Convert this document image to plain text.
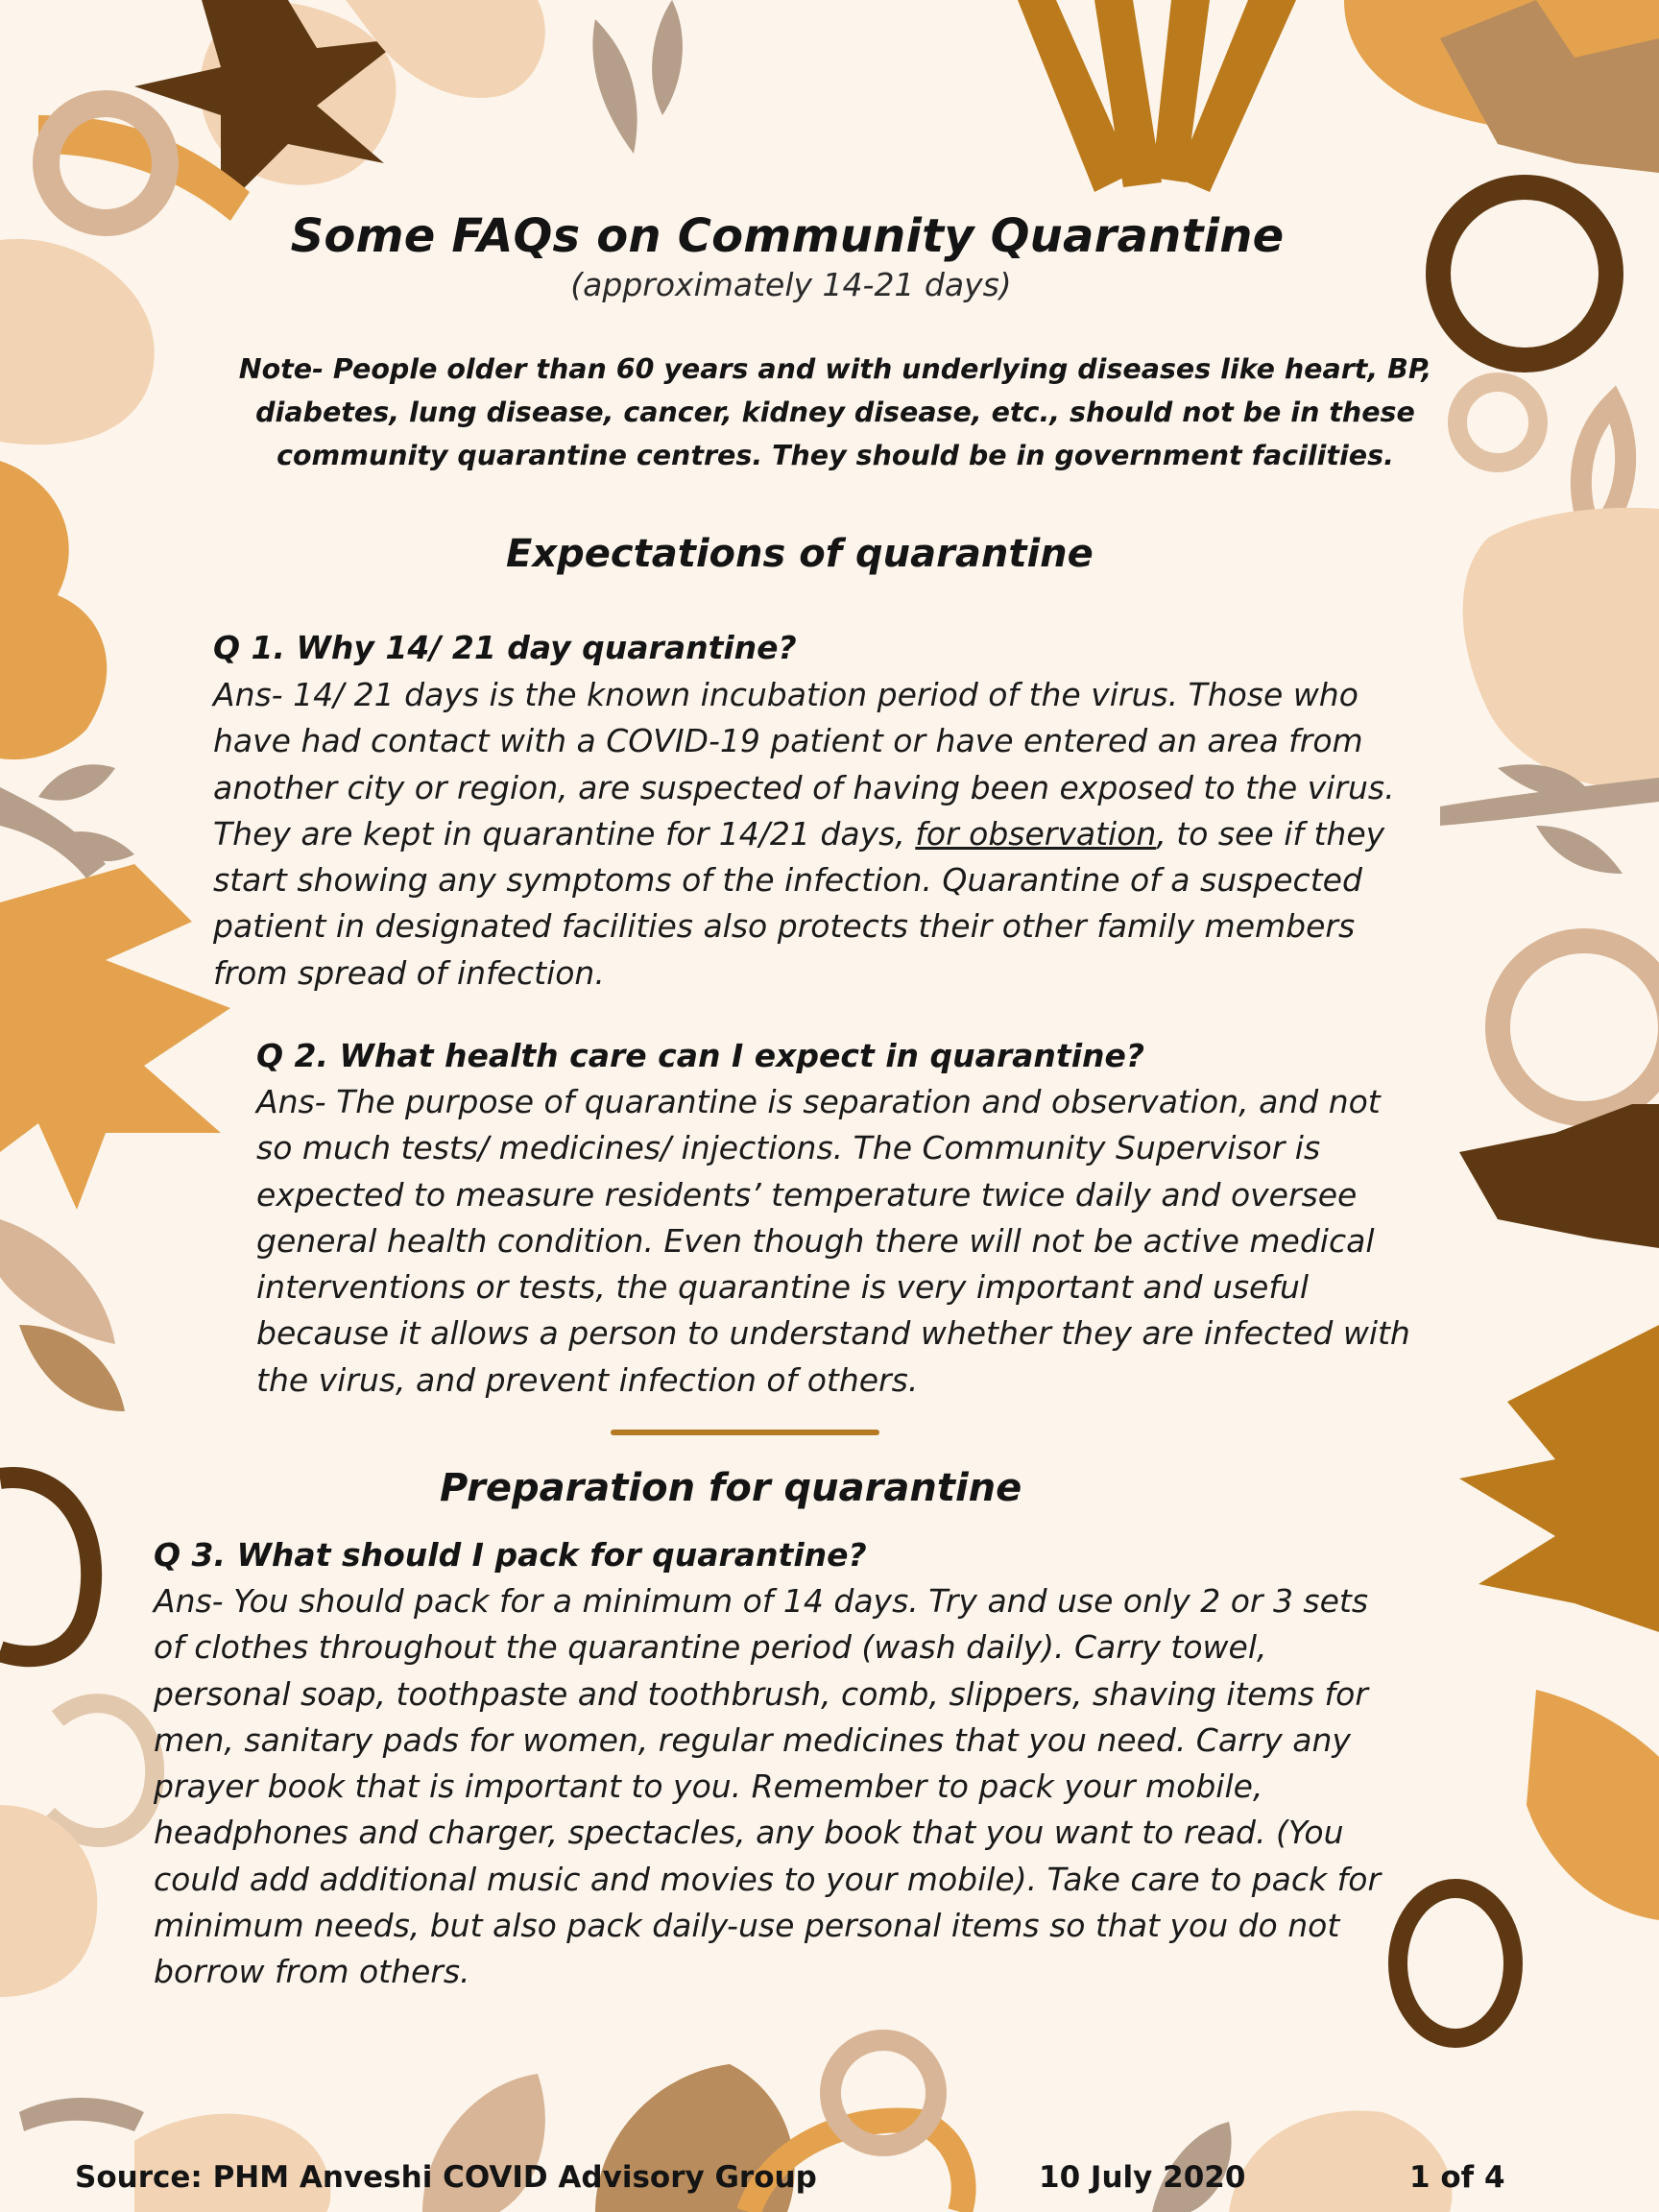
Some FAQs on Community Quarantine

(approximately 14-21 days)

Note- People older than 60 years and with underlying diseases like heart, BP, diabetes, lung disease, cancer, kidney disease, etc., should not be in these community quarantine centres. They should be in government facilities.

Expectations of quarantine

Q 1. Why 14/ 21 day quarantine?

Ans- 14/ 21 days is the known incubation period of the virus. Those who
have had contact with a COVID-19 patient or have entered an area from
another city or region, are suspected of having been exposed to the virus.
They are kept in quarantine for 14/21 days, for observation, to see if they
start showing any symptoms of the infection. Quarantine of a suspected
patient in designated facilities also protects their other family members
from spread of infection.

Q 2. What health care can I expect in quarantine?

Ans- The purpose of quarantine is separation and observation, and not
so much tests/ medicines/ injections. The Community Supervisor is
expected to measure residents’ temperature twice daily and oversee
general health condition. Even though there will not be active medical
interventions or tests, the quarantine is very important and useful
because it allows a person to understand whether they are infected with
the virus, and prevent infection of others.
Preparation for quarantine

Q 3. What should I pack for quarantine?

Ans- You should pack for a minimum of 14 days. Try and use only 2 or 3 sets
of clothes throughout the quarantine period (wash daily). Carry towel,
personal soap, toothpaste and toothbrush, comb, slippers, shaving items for
men, sanitary pads for women, regular medicines that you need. Carry any
prayer book that is important to you. Remember to pack your mobile,
headphones and charger, spectacles, any book that you want to read. (You
could add additional music and movies to your mobile). Take care to pack for
minimum needs, but also pack daily-use personal items so that you do not
borrow from others.

Source: PHM Anveshi COVID Advisory Group	10 July 2020	1 of 4
